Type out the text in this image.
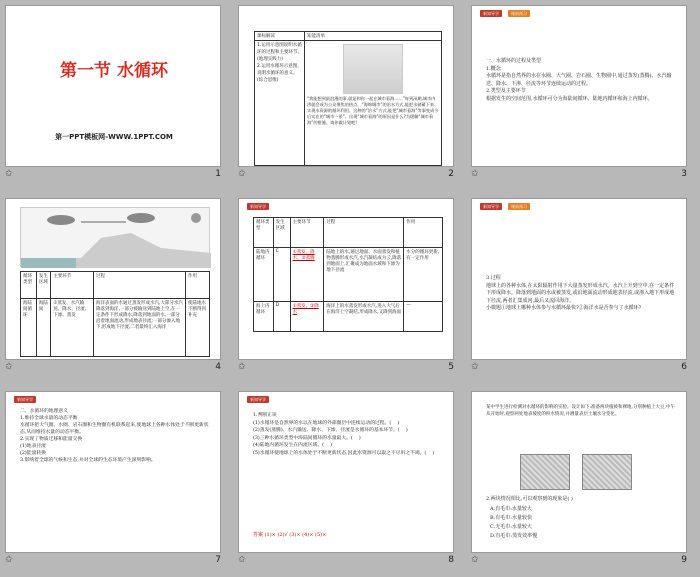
第一节 水循环
第一PPT模板网-WWW.1PPT.COM
✩	1
课标解读	知能清单
1.运用示意图说明水循环的过程和主要环节。(地理实践力)
2.运用水循环示意图，说明水循环的意义。(综合思维)	“我能想到最浪漫的事,就是和你一起在城市看海……”每到汛期,城市内涝就会成为公众聚焦的热点。“海绵城市”的治水方式,能把水储蓄下来、实现水资源的循环利用。这种的“治水”方式,能把“城市看海”等事变成今后实在的“城市一景”。出现“城市看海”的原因是什么?为缓解“城市看海”的措施。请你做计划吧!
✩	2
新知导学	课前预习
一、水循环的过程及类型
1.概念
水循环是指自然界的水在水圈、大气圈、岩石圈、生物圈中,通过蒸发(蒸腾)、水汽输送、降水、下渗、径流等环节连续运动的过程。
2.类型及主要环节
根据发生的空间范围,水循环可分为海陆间循环、陆地内循环和海上内循环。
✩	3
循环类型	发生区域	主要环节	过程	作用
海陆间循环	海陆间	①蒸发、水汽输送、降水、径流、下渗、蒸发	海洋表面的水通过蒸发形成水汽,大部分水汽降落到海洋,一部分被输送到陆地上空,在一定条件下形成降水,降落到地面的水,一部分沿着地面流动,形成地表径流;一部分渗入地下,形成地下径流,二者最终汇入海洋	使陆地水不断得到补充
✩	4
新知导学
循环类型	发生区域	主要环节	过程	作用
陆地内循环	C	①蒸发、降水、②蒸腾	陆地上的水,通过地面、水面蒸发和植物蒸腾形成水汽,水汽凝结成为云,降落到地面上,汇聚成为地面水域和下渗为地下径流	水分的循环更新,有一定作用
海上内循环	D	①蒸发、②降水	海洋上的水蒸发形成水汽,进入大气后在海洋上空凝结,形成降水,又降到海面	—
✩	5
新知导学	课前预习
3.过程
地球上的各种水体,在太阳辐射作用下大量蒸发形成水汽。水汽上升到空中,在一定条件下形成降水。降落到地面的水或被蒸发,或沿地面流动形成地表径流,或渗入地下形成地下径流,两者汇集成河,最后又流回海洋。
小微题①地球上哪种水体参与水循环最快?②海洋水是否参与了水循环?
✩	6
新知导学
二、水循环的地理意义
1.维持全球水量的动态平衡
水循环把大气圈、水圈、岩石圈和生物圈有机联系起来,使地球上各种水体处于不断更新状态,从而维持水量的动态平衡。
2.实现了物质迁移和能量交换
(1)地表径流
(2)能量转换
3.影响着全球的气候和生态,并对全球的生态环境产生深刻影响。
✩	7
新知导学
1.判断正误
(1)水循环是自然界的水以在地球的外部圈层中连续运动的过程。(    )
(2)蒸发(蒸腾)、水汽输送、降水、下渗、径流是水循环的基本环节。(    )
(3)三种水循环类型中海陆间循环的水量最大。(    )
(4)陆地内循环发生在内流区域。(    )
(5)水循环使地球上的水体处于不断更新状态,因此水资源可以取之不尽用之不竭。(    )
答案 (1)× (2)√ (3)× (4)× (5)×
✩	8
某中学生进行检测对水循环的影响的实验。设计如下:准备两块植被和裸地,分别种植上大豆,中午从开始时,观察两处地表坡度的积水情况,并测量表层土壤水分变化。
2.两块情况相比,可以观察到的现象是( )
A.有毛巾:水量较大
B.有毛巾:水量较快
C.无毛巾:水量较大
D.有毛巾:蒸发效率慢
✩	9
